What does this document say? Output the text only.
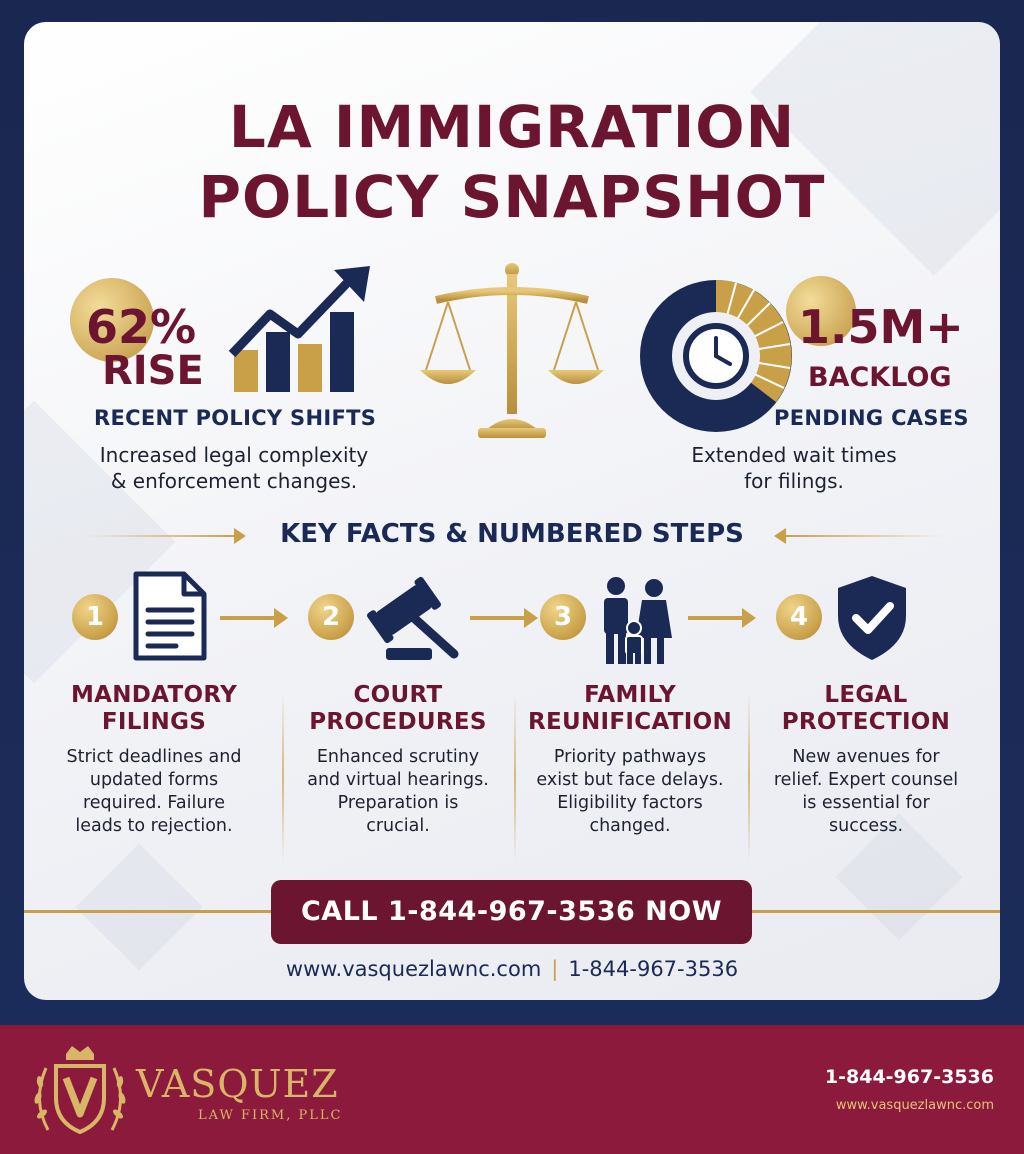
LA IMMIGRATION
POLICY SNAPSHOT
62%
RISE
RECENT POLICY SHIFTS
Increased legal complexity
& enforcement changes.
1.5M+
BACKLOG
PENDING CASES
Extended wait times
for filings.
KEY FACTS & NUMBERED STEPS
1	2	3	4
MANDATORY
FILINGS
Strict deadlines and
updated forms
required. Failure
leads to rejection.
COURT
PROCEDURES
Enhanced scrutiny
and virtual hearings.
Preparation is
crucial.
FAMILY
REUNIFICATION
Priority pathways
exist but face delays.
Eligibility factors
changed.
LEGAL
PROTECTION
New avenues for
relief. Expert counsel
is essential for
success.
CALL 1-844-967-3536 NOW
www.vasquezlawnc.com | 1-844-967-3536
VASQUEZ
LAW FIRM, PLLC
1-844-967-3536
www.vasquezlawnc.com
